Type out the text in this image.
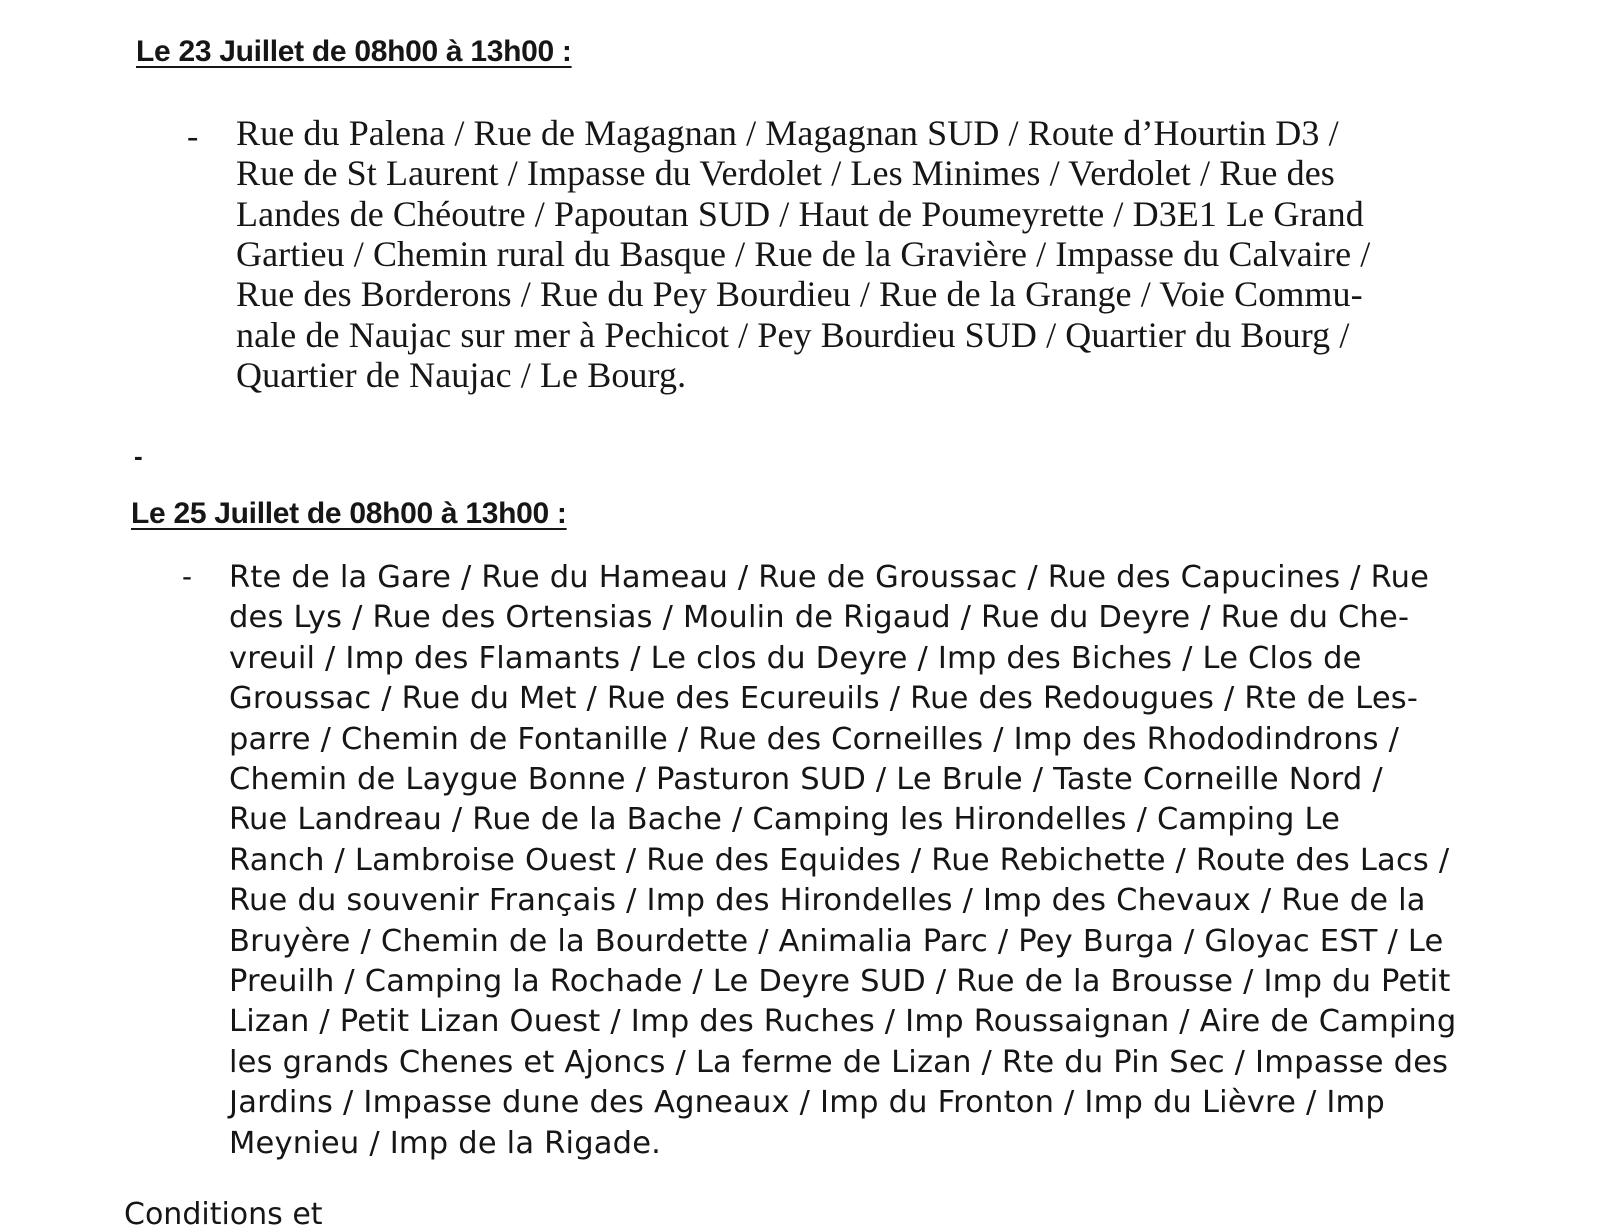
Le 23 Juillet de 08h00 à 13h00 :
- Rue du Palena / Rue de Magagnan / Magagnan SUD / Route d’Hourtin D3 /
Rue de St Laurent / Impasse du Verdolet / Les Minimes / Verdolet / Rue des
Landes de Chéoutre / Papoutan SUD / Haut de Poumeyrette / D3E1 Le Grand
Gartieu / Chemin rural du Basque / Rue de la Gravière / Impasse du Calvaire /
Rue des Borderons / Rue du Pey Bourdieu / Rue de la Grange / Voie Commu-
nale de Naujac sur mer à Pechicot / Pey Bourdieu SUD / Quartier du Bourg /
Quartier de Naujac / Le Bourg.
-
Le 25 Juillet de 08h00 à 13h00 :
- Rte de la Gare / Rue du Hameau / Rue de Groussac / Rue des Capucines / Rue
des Lys / Rue des Ortensias / Moulin de Rigaud / Rue du Deyre / Rue du Che-
vreuil / Imp des Flamants / Le clos du Deyre / Imp des Biches / Le Clos de
Groussac / Rue du Met / Rue des Ecureuils / Rue des Redougues / Rte de Les-
parre / Chemin de Fontanille / Rue des Corneilles / Imp des Rhododindrons /
Chemin de Laygue Bonne / Pasturon SUD / Le Brule / Taste Corneille Nord /
Rue Landreau / Rue de la Bache / Camping les Hirondelles / Camping Le
Ranch / Lambroise Ouest / Rue des Equides / Rue Rebichette / Route des Lacs /
Rue du souvenir Français / Imp des Hirondelles / Imp des Chevaux / Rue de la
Bruyère / Chemin de la Bourdette / Animalia Parc / Pey Burga / Gloyac EST / Le
Preuilh / Camping la Rochade / Le Deyre SUD / Rue de la Brousse / Imp du Petit
Lizan / Petit Lizan Ouest / Imp des Ruches / Imp Roussaignan / Aire de Camping
les grands Chenes et Ajoncs / La ferme de Lizan / Rte du Pin Sec / Impasse des
Jardins / Impasse dune des Agneaux / Imp du Fronton / Imp du Lièvre / Imp
Meynieu / Imp de la Rigade.
Conditions et
